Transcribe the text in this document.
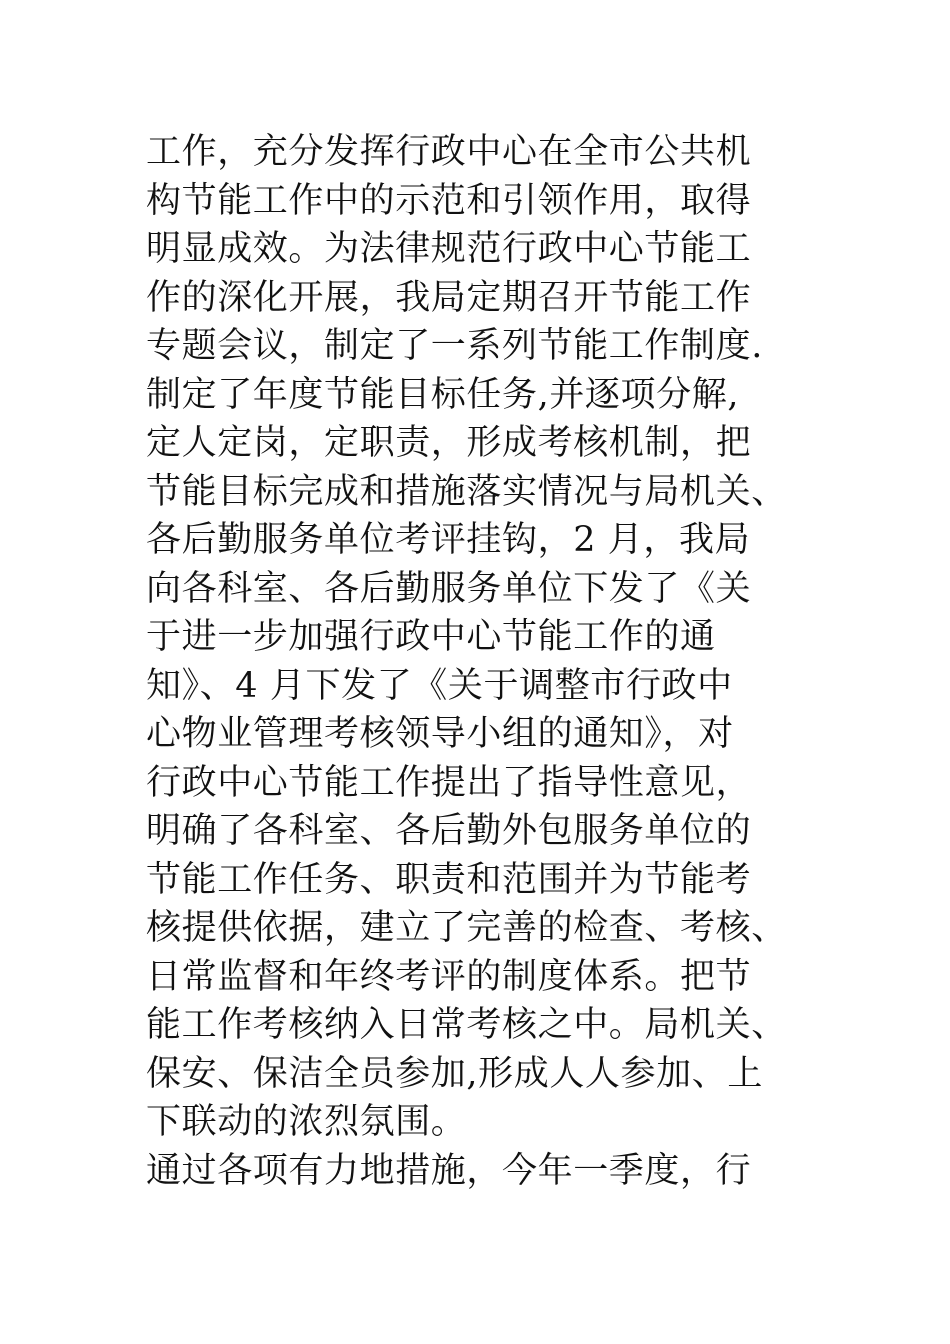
工作，充分发挥行政中心在全市公共机
构节能工作中的示范和引领作用，取得
明显成效。为法律规范行政中心节能工
作的深化开展，我局定期召开节能工作
专题会议，制定了一系列节能工作制度.
制定了年度节能目标任务,并逐项分解,
定人定岗，定职责，形成考核机制，把
节能目标完成和措施落实情况与局机关、
各后勤服务单位考评挂钩，2 月，我局
向各科室、各后勤服务单位下发了《关
于进一步加强行政中心节能工作的通
知》、4 月下发了《关于调整市行政中
心物业管理考核领导小组的通知》，对
行政中心节能工作提出了指导性意见，
明确了各科室、各后勤外包服务单位的
节能工作任务、职责和范围并为节能考
核提供依据，建立了完善的检查、考核、
日常监督和年终考评的制度体系。把节
能工作考核纳入日常考核之中。局机关、
保安、保洁全员参加,形成人人参加、上
下联动的浓烈氛围。
通过各项有力地措施，今年一季度，行
